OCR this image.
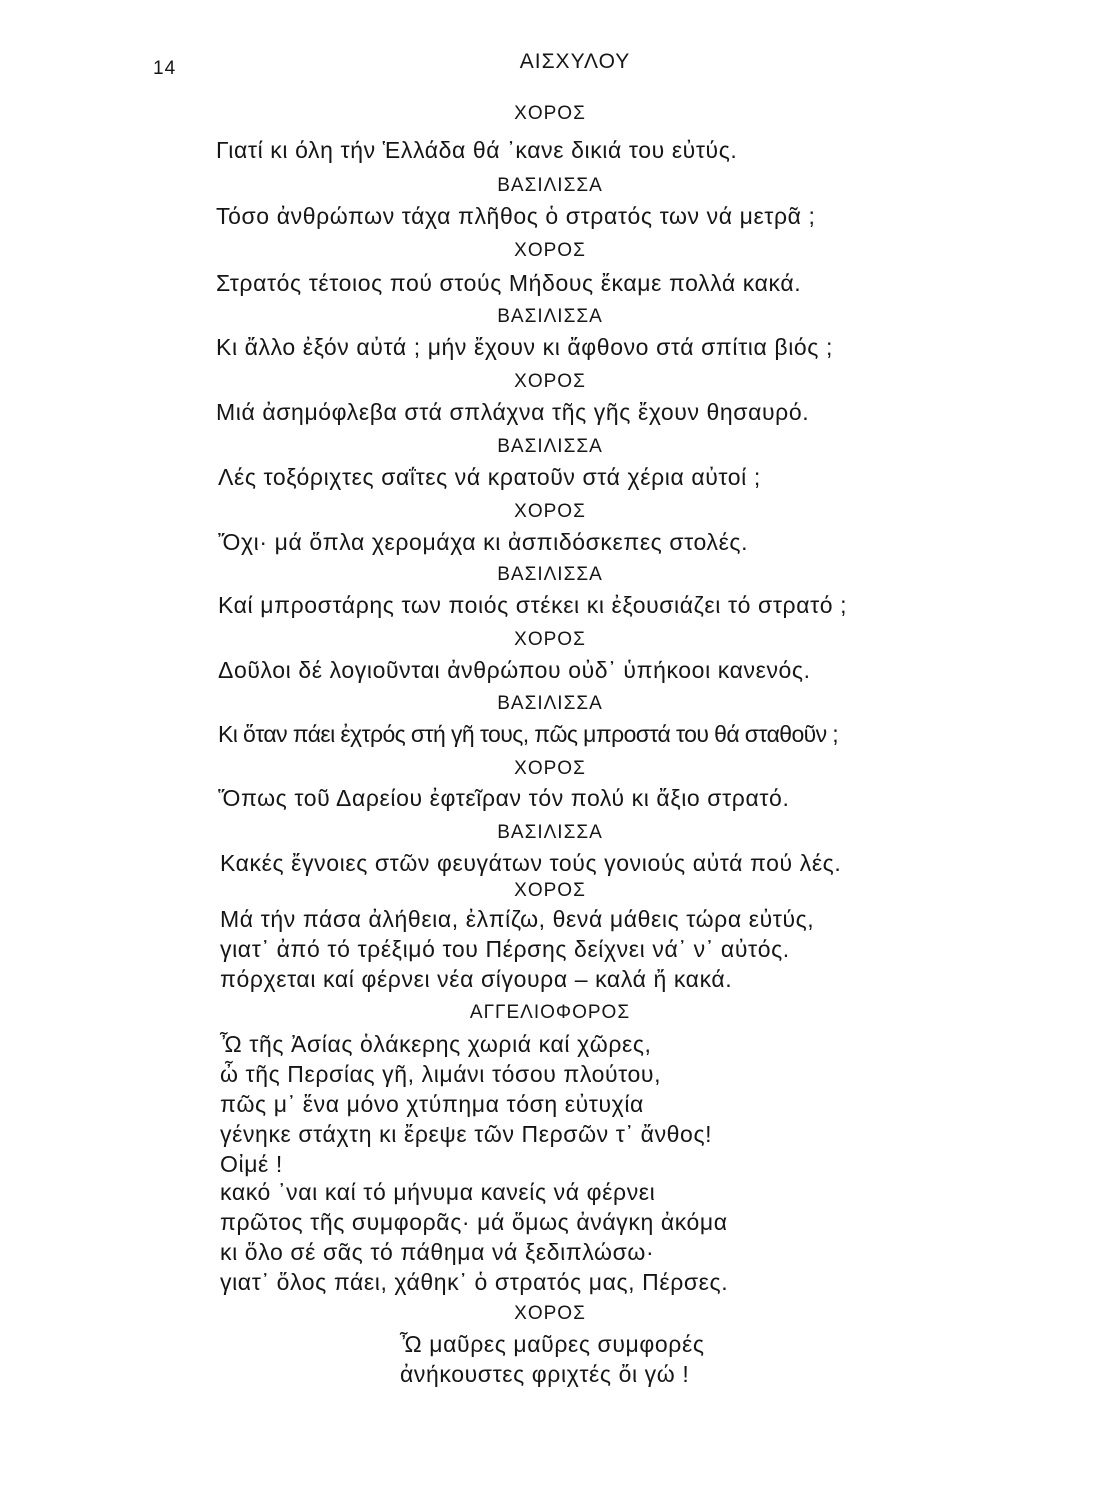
14	ΑΙΣΧΥΛΟΥ
ΧΟΡΟΣ
Γιατί κι όλη τήν Ἑλλάδα θά ᾽κανε δικιά του εὐτύς.
ΒΑΣΙΛΙΣΣΑ
Τόσο ἀνθρώπων τάχα πλῆθος ὁ στρατός των νά μετρᾶ ;
ΧΟΡΟΣ
Στρατός τέτοιος πού στούς Μήδους ἔκαμε πολλά κακά.
ΒΑΣΙΛΙΣΣΑ
Κι ἄλλο ἐξόν αὐτά ; μήν ἔχουν κι ἄφθονο στά σπίτια βιός ;
ΧΟΡΟΣ
Μιά ἀσημόφλεβα στά σπλάχνα τῆς γῆς ἔχουν θησαυρό.
ΒΑΣΙΛΙΣΣΑ
Λές τοξόριχτες σαΐτες νά κρατοῦν στά χέρια αὐτοί ;
ΧΟΡΟΣ
Ὄχι· μά ὅπλα χερομάχα κι ἀσπιδόσκεπες στολές.
ΒΑΣΙΛΙΣΣΑ
Καί μπροστάρης των ποιός στέκει κι ἐξουσιάζει τό στρατό ;
ΧΟΡΟΣ
Δοῦλοι δέ λογιοῦνται ἀνθρώπου οὐδ᾽ ὑπήκοοι κανενός.
ΒΑΣΙΛΙΣΣΑ
Κι ὅταν πάει ἐχτρός στή γῆ τους, πῶς μπροστά του θά σταθοῦν ;
ΧΟΡΟΣ
Ὅπως τοῦ Δαρείου ἐφτεῖραν τόν πολύ κι ἄξιο στρατό.
ΒΑΣΙΛΙΣΣΑ
Κακές ἔγνοιες στῶν φευγάτων τούς γονιούς αὐτά πού λές.
ΧΟΡΟΣ
Μά τήν πάσα ἀλήθεια, ἐλπίζω, θενά μάθεις τώρα εὐτύς,
γιατ᾽ ἀπό τό τρέξιμό του Πέρσης δείχνει νά᾽ ν᾽ αὐτός.
πόρχεται καί φέρνει νέα σίγουρα – καλά ἤ κακά.
ΑΓΓΕΛΙΟΦΟΡΟΣ
Ὦ τῆς Ἀσίας ὁλάκερης χωριά καί χῶρες,
ὦ τῆς Περσίας γῆ, λιμάνι τόσου πλούτου,
πῶς μ᾽ ἕνα μόνο χτύπημα τόση εὐτυχία
γένηκε στάχτη κι ἔρεψε τῶν Περσῶν τ᾽ ἄνθος!
Οἰμέ !
κακό ᾽ναι καί τό μήνυμα κανείς νά φέρνει
πρῶτος τῆς συμφορᾶς· μά ὅμως ἀνάγκη ἀκόμα
κι ὅλο σέ σᾶς τό πάθημα νά ξεδιπλώσω·
γιατ᾽ ὅλος πάει, χάθηκ᾽ ὁ στρατός μας, Πέρσες.
ΧΟΡΟΣ
Ὦ μαῦρες μαῦρες συμφορές
ἀνήκουστες φριχτές ὄι γώ !
